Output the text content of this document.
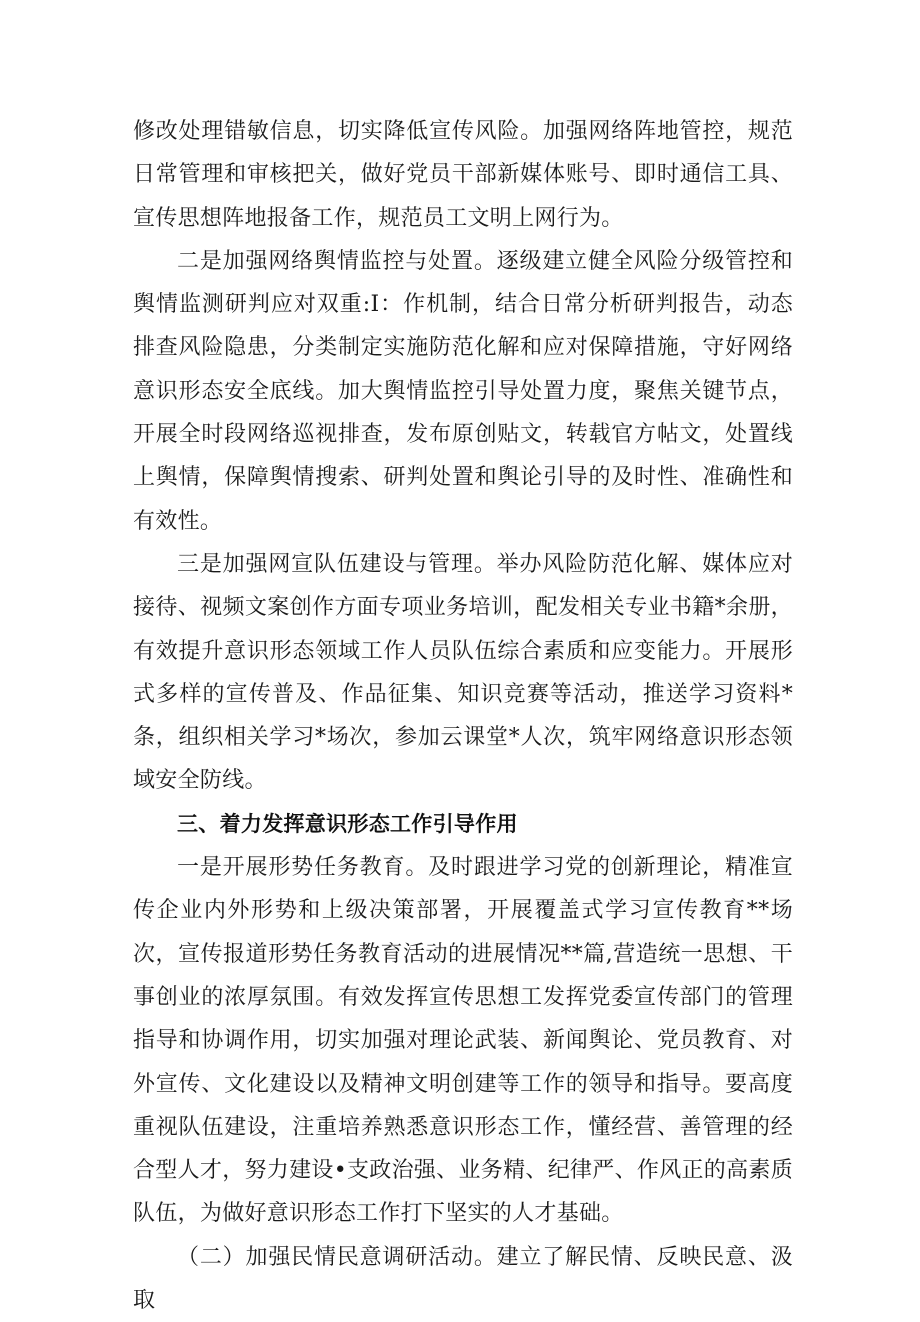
修改处理错敏信息，切实降低宣传风险。加强网络阵地管控，规范日常管理和审核把关，做好党员干部新媒体账号、即时通信工具、宣传思想阵地报备工作，规范员工文明上网行为。

二是加强网络舆情监控与处置。逐级建立健全风险分级管控和舆情监测研判应对双重:I：作机制，结合日常分析研判报告，动态排查风险隐患，分类制定实施防范化解和应对保障措施，守好网络意识形态安全底线。加大舆情监控引导处置力度，聚焦关键节点，开展全时段网络巡视排查，发布原创贴文，转载官方帖文，处置线上舆情，保障舆情搜索、研判处置和舆论引导的及时性、准确性和有效性。

三是加强网宣队伍建设与管理。举办风险防范化解、媒体应对接待、视频文案创作方面专项业务培训，配发相关专业书籍*余册，有效提升意识形态领域工作人员队伍综合素质和应变能力。开展形式多样的宣传普及、作品征集、知识竞赛等活动，推送学习资料*条，组织相关学习*场次，参加云课堂*人次，筑牢网络意识形态领域安全防线。

三、着力发挥意识形态工作引导作用

一是开展形势任务教育。及时跟进学习党的创新理论，精准宣传企业内外形势和上级决策部署，开展覆盖式学习宣传教育**场次，宣传报道形势任务教育活动的进展情况**篇,营造统一思想、干事创业的浓厚氛围。有效发挥宣传思想工发挥党委宣传部门的管理指导和协调作用，切实加强对理论武装、新闻舆论、党员教育、对外宣传、文化建设以及精神文明创建等工作的领导和指导。要高度重视队伍建设，注重培养熟悉意识形态工作，懂经营、善管理的经合型人才，努力建设•支政治强、业务精、纪律严、作风正的高素质队伍，为做好意识形态工作打下坚实的人才基础。

（二）加强民情民意调研活动。建立了解民情、反映民意、汲取
